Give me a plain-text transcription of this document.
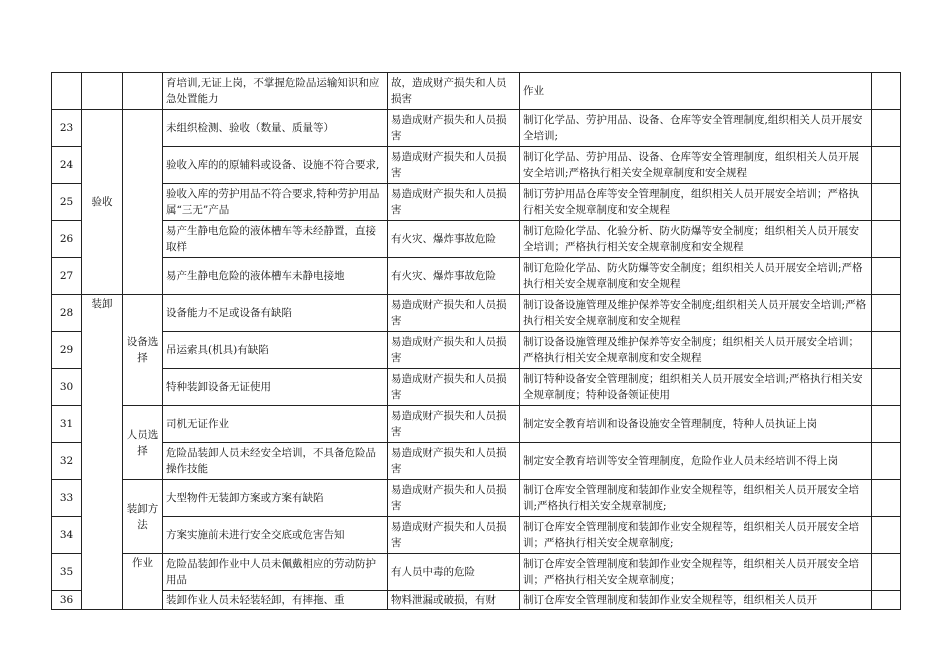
			育培训,无证上岗，不掌握危险品运输知识和应急处置能力	故，造成财产损失和人员损害	作业	
23	验收		未组织检测、验收（数量、质量等）	易造成财产损失和人员损害	制订化学品、劳护用品、设备、仓库等安全管理制度,组织相关人员开展安全培训;	
24			验收入库的的原辅料或设备、设施不符合要求,	易造成财产损失和人员损害	制订化学品、劳护用品、设备、仓库等安全管理制度，组织相关人员开展安全培训;严格执行相关安全规章制度和安全规程	
25			验收入库的劳护用品不符合要求,特种劳护用品属“三无”产品	易造成财产损失和人员损害	制订劳护用品仓库等安全管理制度，组织相关人员开展安全培训；严格执行相关安全规章制度和安全规程	
26			易产生静电危险的液体槽车等未经静置，直接取样	有火灾、爆炸事故危险	制订危险化学品、化验分析、防火防爆等安全制度；组织相关人员开展安全培训；严格执行相关安全规章制度和安全规程	
27			易产生静电危险的液体槽车未静电接地	有火灾、爆炸事故危险	制订危险化学品、防火防爆等安全制度；组织相关人员开展安全培训;严格执行相关安全规章制度和安全规程	
28	装卸	设备选择	设备能力不足或设备有缺陷	易造成财产损失和人员损害	制订设备设施管理及维护保养等安全制度;组织相关人员开展安全培训;严格执行相关安全规章制度和安全规程	
29			吊运索具(机具)有缺陷	易造成财产损失和人员损害	制订设备设施管理及维护保养等安全制度；组织相关人员开展安全培训；严格执行相关安全规章制度和安全规程	
30			特种装卸设备无证使用	易造成财产损失和人员损害	制订特种设备安全管理制度；组织相关人员开展安全培训;严格执行相关安全规章制度；特种设备领证使用	
31		人员选择	司机无证作业	易造成财产损失和人员损害	制定安全教育培训和设备设施安全管理制度，特种人员执证上岗	
32			危险品装卸人员未经安全培训，不具备危险品操作技能	易造成财产损失和人员损害	制定安全教育培训等安全管理制度，危险作业人员未经培训不得上岗	
33		装卸方法	大型物件无装卸方案或方案有缺陷	易造成财产损失和人员损害	制订仓库安全管理制度和装卸作业安全规程等，组织相关人员开展安全培训;严格执行相关安全规章制度;	
34			方案实施前未进行安全交底或危害告知	易造成财产损失和人员损害	制订仓库安全管理制度和装卸作业安全规程等，组织相关人员开展安全培训；严格执行相关安全规章制度;	
35		作业	危险品装卸作业中人员未佩戴相应的劳动防护用品	有人员中毒的危险	制订仓库安全管理制度和装卸作业安全规程等，组织相关人员开展安全培训；严格执行相关安全规章制度；	
36			装卸作业人员未轻装轻卸，有摔拖、重	物料泄漏或破损，有财	制订仓库安全管理制度和装卸作业安全规程等，组织相关人员开	
